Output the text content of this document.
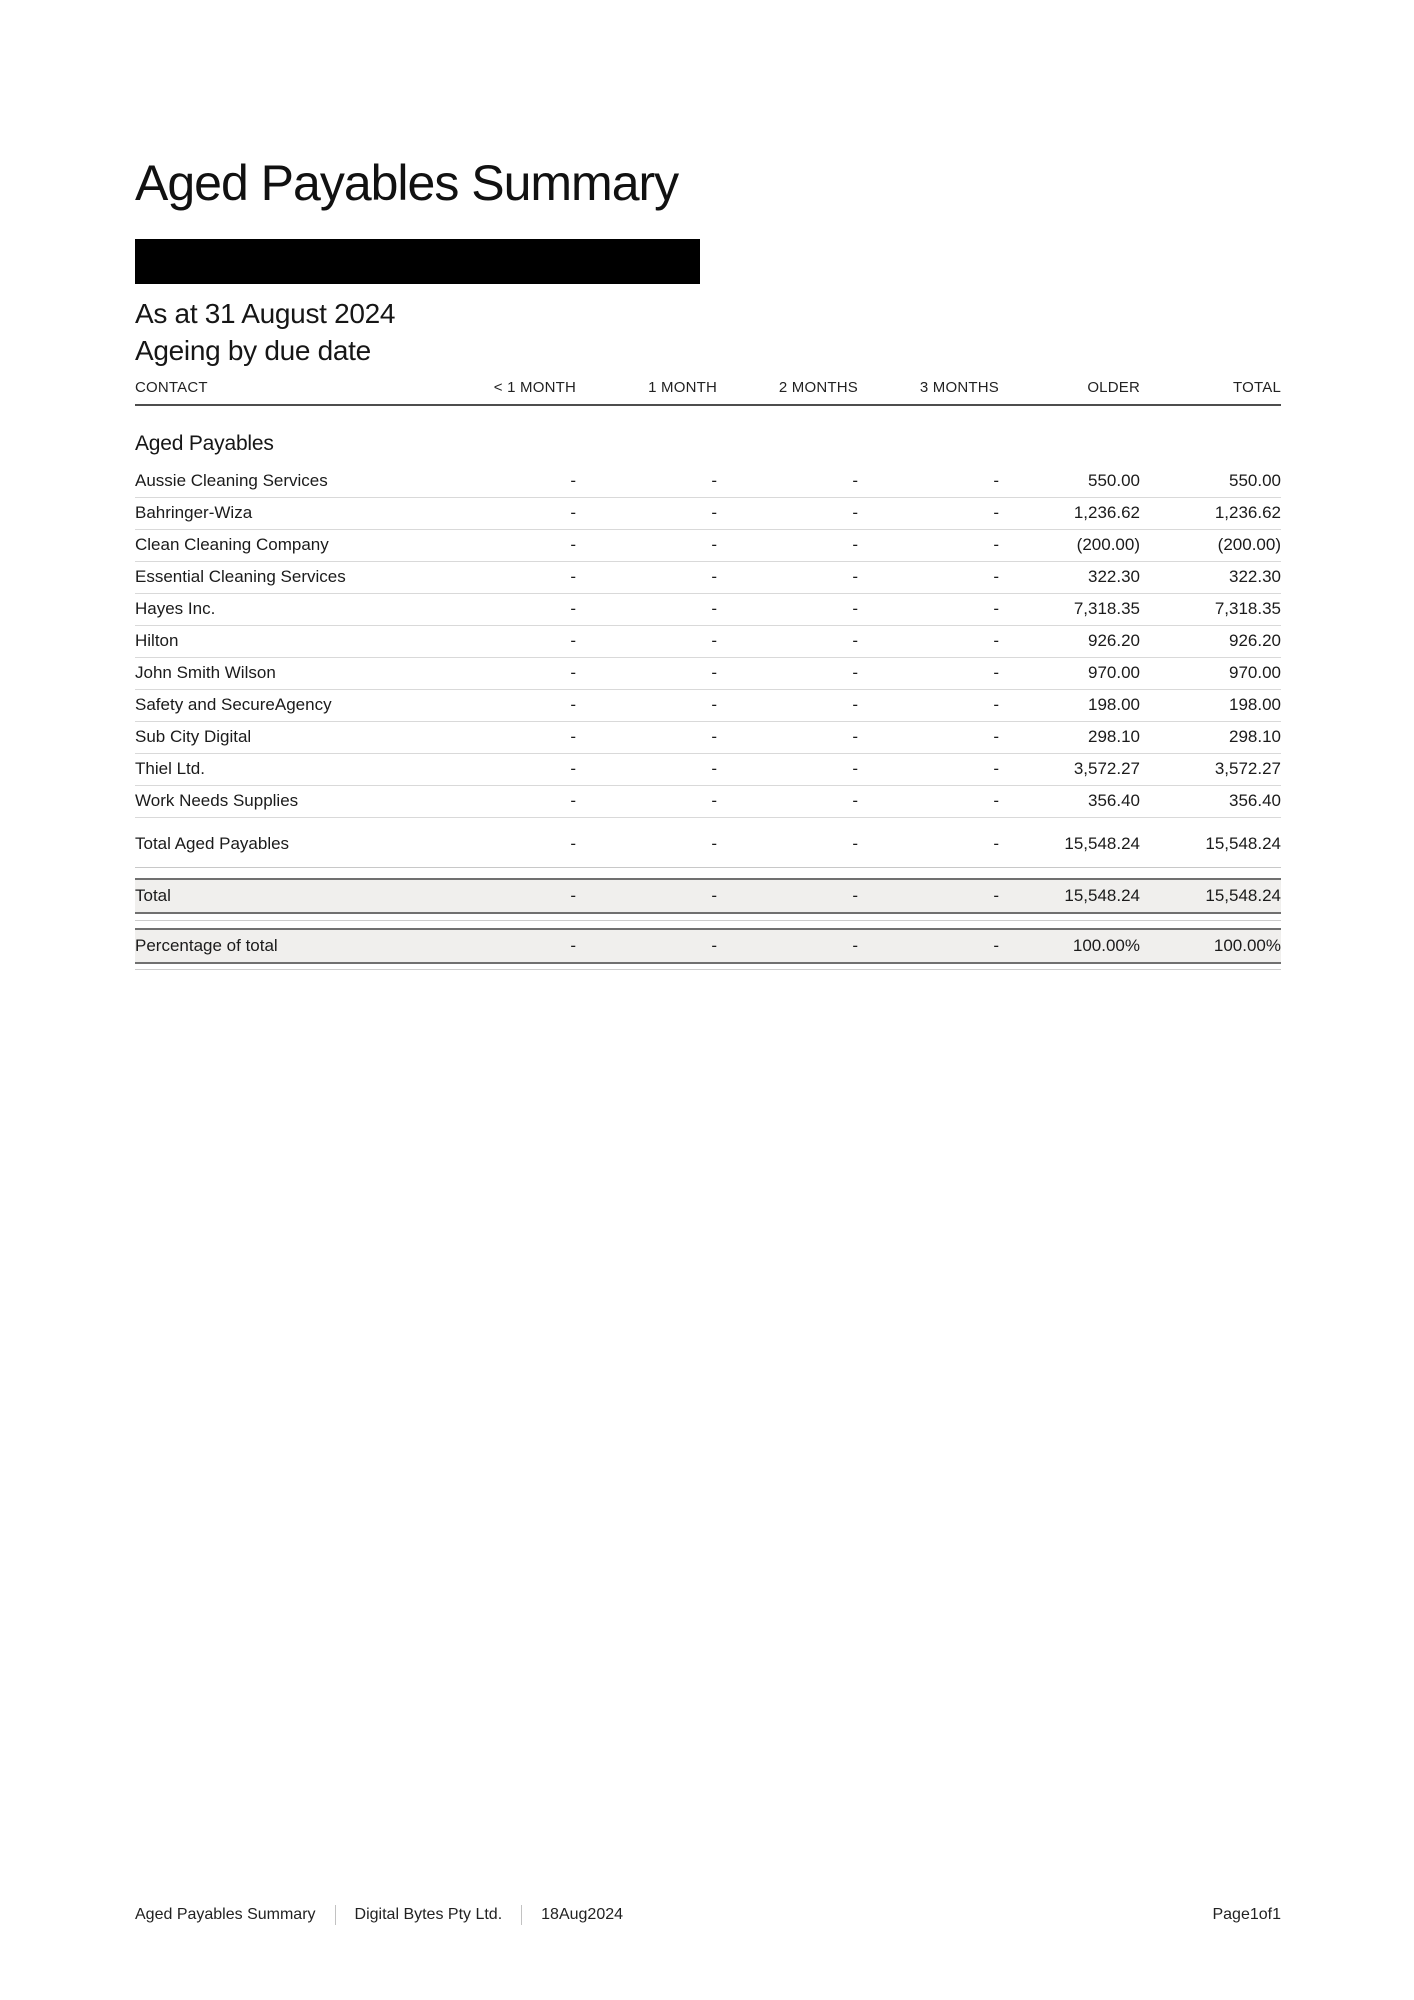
Aged Payables Summary
As at 31 August 2024
Ageing by due date
CONTACT	< 1 MONTH	1 MONTH	2 MONTHS	3 MONTHS	OLDER	TOTAL
Aged Payables						
Aussie Cleaning Services	-	-	-	-	550.00	550.00
Bahringer-Wiza	-	-	-	-	1,236.62	1,236.62
Clean Cleaning Company	-	-	-	-	(200.00)	(200.00)
Essential Cleaning Services	-	-	-	-	322.30	322.30
Hayes Inc.	-	-	-	-	7,318.35	7,318.35
Hilton	-	-	-	-	926.20	926.20
John Smith Wilson	-	-	-	-	970.00	970.00
Safety and SecureAgency	-	-	-	-	198.00	198.00
Sub City Digital	-	-	-	-	298.10	298.10
Thiel Ltd.	-	-	-	-	3,572.27	3,572.27
Work Needs Supplies	-	-	-	-	356.40	356.40
Total Aged Payables	-	-	-	-	15,548.24	15,548.24

Total	-	-	-	-	15,548.24	15,548.24

Percentage of total	-	-	-	-	100.00%	100.00%

Aged Payables Summary Digital Bytes Pty Ltd. 18Aug2024	Page1of1
